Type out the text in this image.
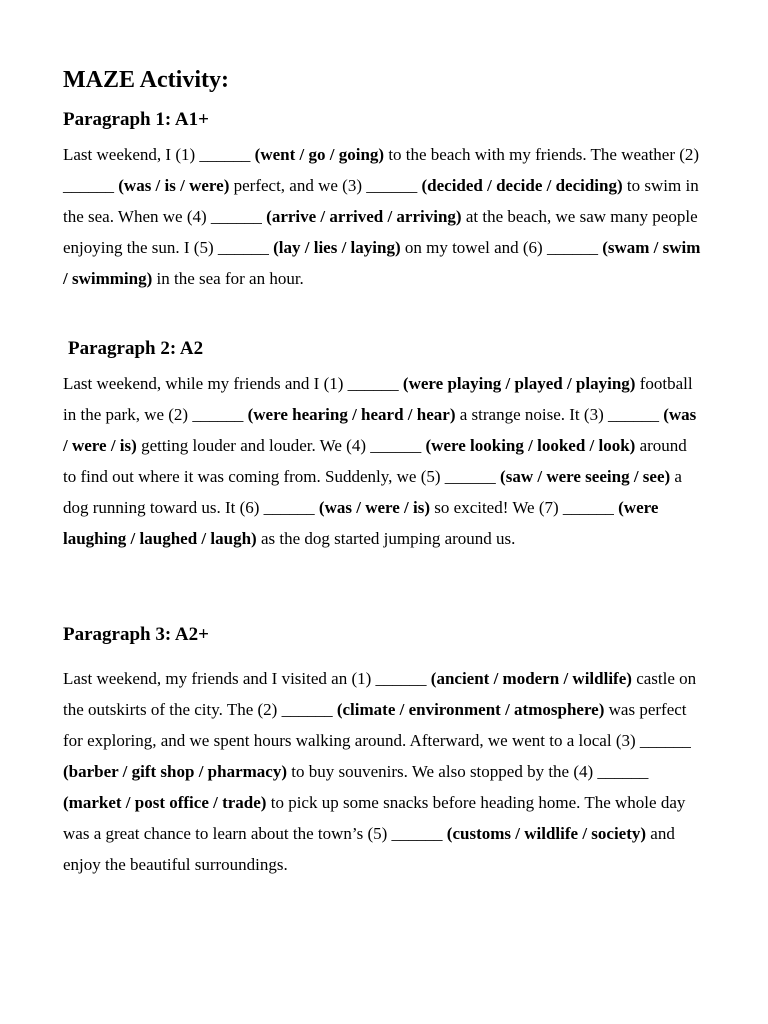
MAZE Activity:
Paragraph 1: A1+

Last weekend, I (1) ______ (went / go / going) to the beach with my friends. The weather (2) ______ (was / is / were) perfect, and we (3) ______ (decided / decide / deciding) to swim in the sea. When we (4) ______ (arrive / arrived / arriving) at the beach, we saw many people enjoying the sun. I (5) ______ (lay / lies / laying) on my towel and (6) ______ (swam / swim / swimming) in the sea for an hour.

Paragraph 2: A2

Last weekend, while my friends and I (1) ______ (were playing / played / playing) football in the park, we (2) ______ (were hearing / heard / hear) a strange noise. It (3) ______ (was / were / is) getting louder and louder. We (4) ______ (were looking / looked / look) around to find out where it was coming from. Suddenly, we (5) ______ (saw / were seeing / see) a dog running toward us. It (6) ______ (was / were / is) so excited! We (7) ______ (were laughing / laughed / laugh) as the dog started jumping around us.

Paragraph 3: A2+

Last weekend, my friends and I visited an (1) ______ (ancient / modern / wildlife) castle on the outskirts of the city. The (2) ______ (climate / environment / atmosphere) was perfect for exploring, and we spent hours walking around. Afterward, we went to a local (3) ______ (barber / gift shop / pharmacy) to buy souvenirs. We also stopped by the (4) ______ (market / post office / trade) to pick up some snacks before heading home. The whole day was a great chance to learn about the town’s (5) ______ (customs / wildlife / society) and enjoy the beautiful surroundings.
